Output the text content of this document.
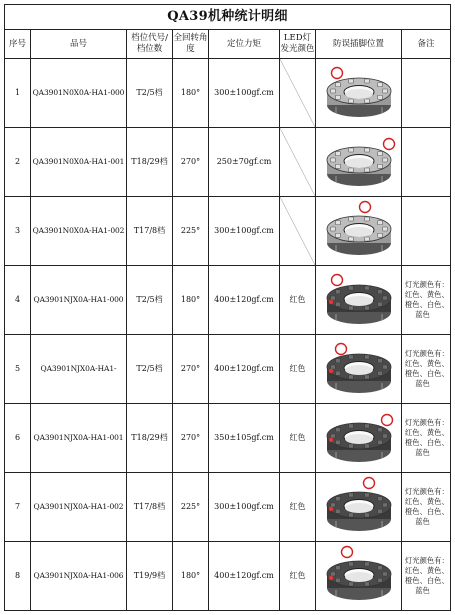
QA39机种统计明细							
序号	品号	档位代号/档位数	全回转角度	定位力矩	LED灯发光颜色	防误插脚位置	备注
1	QA3901N0X0A-HA1-000	T2/5档	180°	300±100gf.cm	

2	QA3901N0X0A-HA1-001	T18/29档	270°	250±70gf.cm	

3	QA3901N0X0A-HA1-002	T17/8档	225°	300±100gf.cm	

4	QA3901NJX0A-HA1-000	T2/5档	180°	400±120gf.cm	红色		灯光颜色有：
红色、黄色、
橙色、白色、
蓝色

5	QA3901NJX0A-HA1-	T2/5档	270°	400±120gf.cm	红色		灯光颜色有：
红色、黄色、
橙色、白色、
蓝色

6	QA3901NJX0A-HA1-001	T18/29档	270°	350±105gf.cm	红色		灯光颜色有：
红色、黄色、
橙色、白色、
蓝色

7	QA3901NJX0A-HA1-002	T17/8档	225°	300±100gf.cm	红色		灯光颜色有：
红色、黄色、
橙色、白色、
蓝色

8	QA3901NJX0A-HA1-006	T19/9档	180°	400±120gf.cm	红色		灯光颜色有：
红色、黄色、
橙色、白色、
蓝色
